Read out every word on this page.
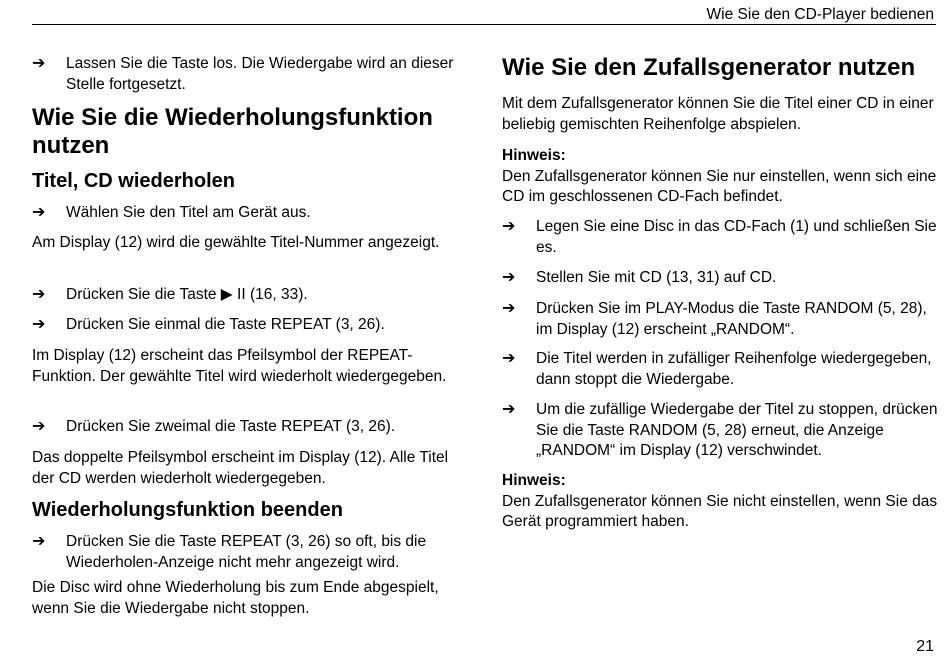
Wie Sie den CD-Player bedienen
➔ Lassen Sie die Taste los. Die Wiedergabe wird an dieser Stelle fortgesetzt.

Wie Sie die Wiederholungsfunktion nutzen

Titel, CD wiederholen

➔ Wählen Sie den Titel am Gerät aus.

Am Display (12) wird die gewählte Titel-Nummer angezeigt.

➔ Drücken Sie die Taste ▶ II (16, 33).
➔ Drücken Sie einmal die Taste REPEAT (3, 26).

Im Display (12) erscheint das Pfeilsymbol der REPEAT-Funktion. Der gewählte Titel wird wiederholt wiedergegeben.

➔ Drücken Sie zweimal die Taste REPEAT (3, 26).

Das doppelte Pfeilsymbol erscheint im Display (12). Alle Titel der CD werden wiederholt wiedergegeben.

Wiederholungsfunktion beenden

➔ Drücken Sie die Taste REPEAT (3, 26) so oft, bis die Wiederholen-Anzeige nicht mehr angezeigt wird.

Die Disc wird ohne Wiederholung bis zum Ende abgespielt, wenn Sie die Wiedergabe nicht stoppen.

Wie Sie den Zufallsgenerator nutzen

Mit dem Zufallsgenerator können Sie die Titel einer CD in einer beliebig gemischten Reihenfolge abspielen.

Hinweis:

Den Zufallsgenerator können Sie nur einstellen, wenn sich eine CD im geschlossenen CD-Fach befindet.

➔ Legen Sie eine Disc in das CD-Fach (1) und schließen Sie es.
➔ Stellen Sie mit CD (13, 31) auf CD.
➔ Drücken Sie im PLAY-Modus die Taste RANDOM (5, 28), im Display (12) erscheint „RANDOM“.
➔ Die Titel werden in zufälliger Reihenfolge wiedergegeben, dann stoppt die Wiedergabe.
➔ Um die zufällige Wiedergabe der Titel zu stoppen, drücken Sie die Taste RANDOM (5, 28) erneut, die Anzeige „RANDOM“ im Display (12) verschwindet.

Hinweis:

Den Zufallsgenerator können Sie nicht einstellen, wenn Sie das Gerät programmiert haben.

21
